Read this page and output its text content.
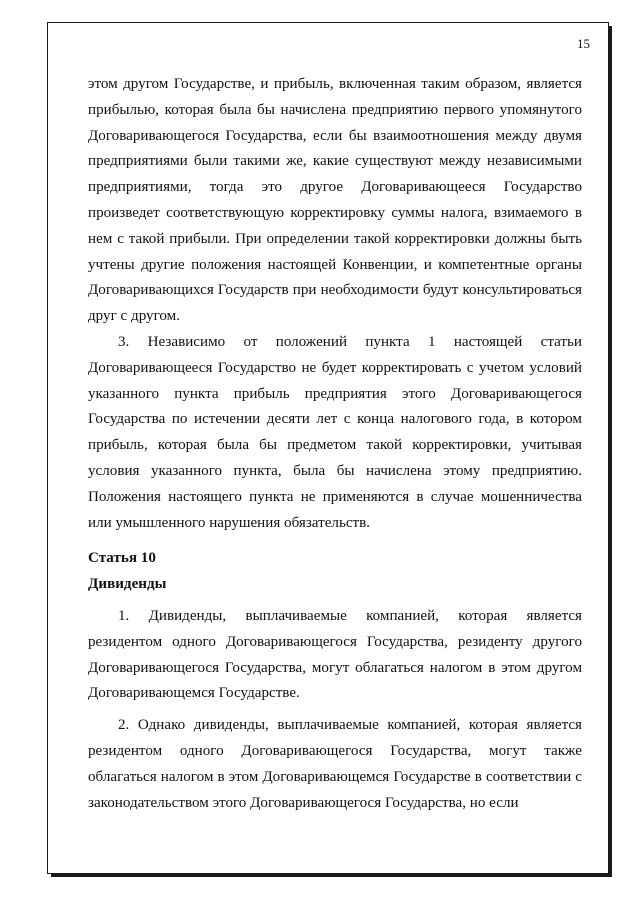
15

этом другом Государстве, и прибыль, включенная таким образом, является прибылью, которая была бы начислена предприятию первого упомянутого Договаривающегося Государства, если бы взаимоотношения между двумя предприятиями были такими же, какие существуют между независимыми предприятиями, тогда это другое Договаривающееся Государство произведет соответствующую корректировку суммы налога, взимаемого в нем с такой прибыли. При определении такой корректировки должны быть учтены другие положения настоящей Конвенции, и компетентные органы Договаривающихся Государств при необходимости будут консультироваться друг с другом.

3. Независимо от положений пункта 1 настоящей статьи Договаривающееся Государство не будет корректировать с учетом условий указанного пункта прибыль предприятия этого Договаривающегося Государства по истечении десяти лет с конца налогового года, в котором прибыль, которая была бы предметом такой корректировки, учитывая условия указанного пункта, была бы начислена этому предприятию. Положения настоящего пункта не применяются в случае мошенничества или умышленного нарушения обязательств.

Статья 10

Дивиденды

1. Дивиденды, выплачиваемые компанией, которая является резидентом одного Договаривающегося Государства, резиденту другого Договаривающегося Государства, могут облагаться налогом в этом другом Договаривающемся Государстве.

2. Однако дивиденды, выплачиваемые компанией, которая является резидентом одного Договаривающегося Государства, могут также облагаться налогом в этом Договаривающемся Государстве в соответствии с законодательством этого Договаривающегося Государства, но если
